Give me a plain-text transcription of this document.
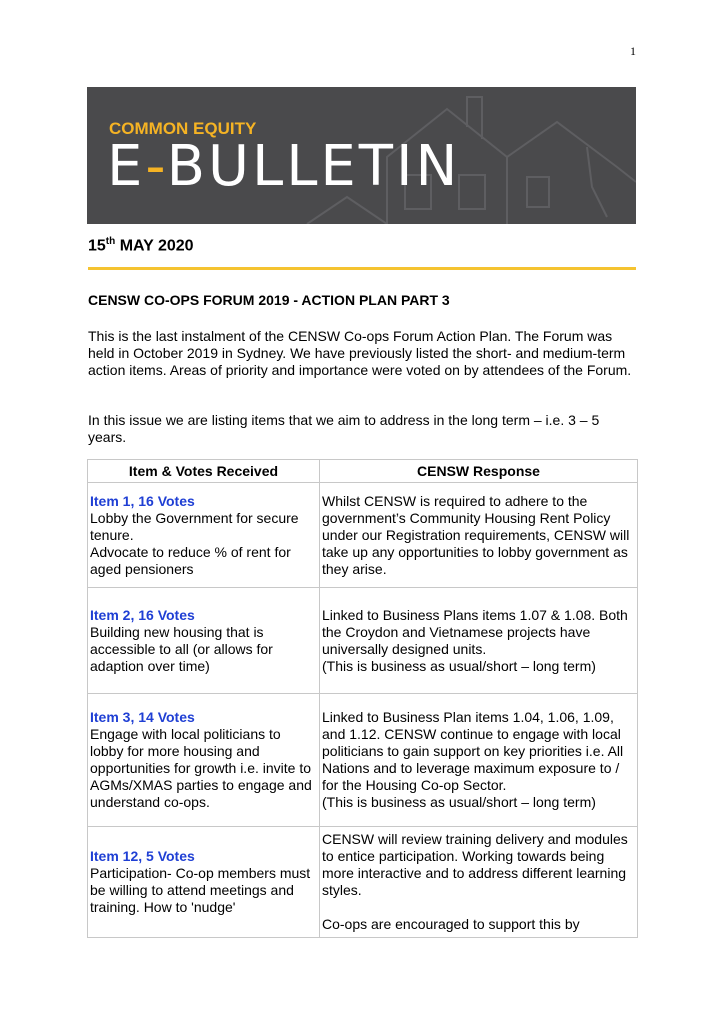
1
COMMON EQUITY
E-BULLETIN
15th MAY 2020
CENSW CO-OPS FORUM 2019 - ACTION PLAN PART 3

This is the last instalment of the CENSW Co-ops Forum Action Plan. The Forum was held in October 2019 in Sydney. We have previously listed the short- and medium-term action items. Areas of priority and importance were voted on by attendees of the Forum.

In this issue we are listing items that we aim to address in the long term – i.e. 3 – 5 years.

Item & Votes Received	CENSW Response

Item 1, 16 Votes
Lobby the Government for secure tenure.
Advocate to reduce % of rent for aged pensioners	Whilst CENSW is required to adhere to the government’s Community Housing Rent Policy under our Registration requirements, CENSW will take up any opportunities to lobby government as they arise.

Item 2, 16 Votes
Building new housing that is accessible to all (or allows for adaption over time)	Linked to Business Plans items 1.07 & 1.08. Both the Croydon and Vietnamese projects have universally designed units.
(This is business as usual/short – long term)

Item 3, 14 Votes
Engage with local politicians to lobby for more housing and opportunities for growth i.e. invite to AGMs/XMAS parties to engage and understand co-ops.	Linked to Business Plan items 1.04, 1.06, 1.09, and 1.12. CENSW continue to engage with local politicians to gain support on key priorities i.e. All Nations and to leverage maximum exposure to / for the Housing Co-op Sector.
(This is business as usual/short – long term)

Item 12, 5 Votes
Participation- Co-op members must be willing to attend meetings and training. How to 'nudge'	CENSW will review training delivery and modules to entice participation. Working towards being more interactive and to address different learning styles.

Co-ops are encouraged to support this by
